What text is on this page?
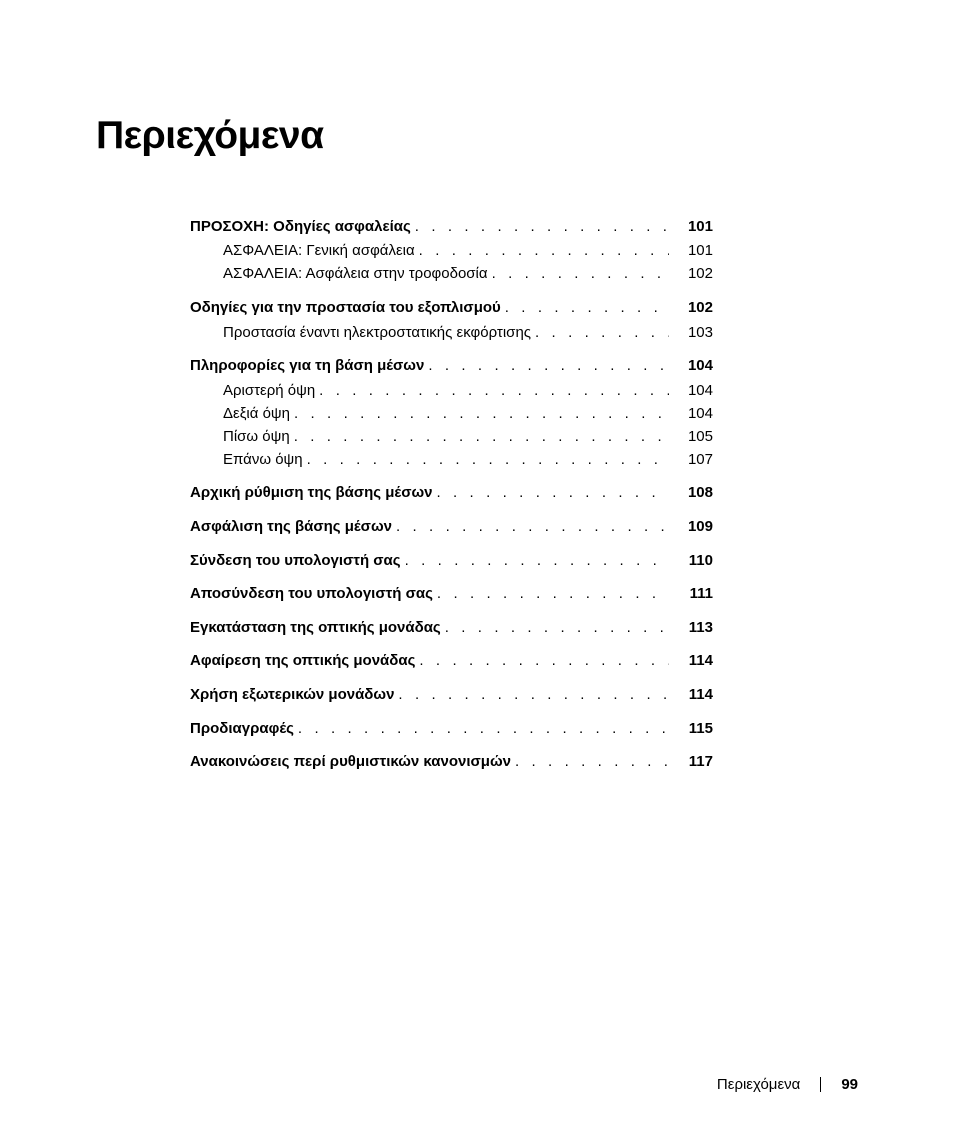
Περιεχόμενα
ΠΡΟΣΟΧΗ: Οδηγίες ασφαλείας . . .	101
ΑΣΦΑΛΕΙΑ: Γενική ασφάλεια . . .	101
ΑΣΦΑΛΕΙΑ: Ασφάλεια στην τροφοδοσία . . .	102
Οδηγίες για την προστασία του εξοπλισμού . . .	102
Προστασία έναντι ηλεκτροστατικής εκφόρτισης . . .	103
Πληροφορίες για τη βάση μέσων . . .	104
Αριστερή όψη . . .	104
Δεξιά όψη . . .	104
Πίσω όψη . . .	105
Επάνω όψη . . .	107
Αρχική ρύθμιση της βάσης μέσων . . .	108
Ασφάλιση της βάσης μέσων . . .	109
Σύνδεση του υπολογιστή σας . . .	110
Αποσύνδεση του υπολογιστή σας . . .	111
Εγκατάσταση της οπτικής μονάδας . . .	113
Αφαίρεση της οπτικής μονάδας . . .	114
Χρήση εξωτερικών μονάδων . . .	114
Προδιαγραφές . . .	115
Ανακοινώσεις περί ρυθμιστικών κανονισμών . . .	117
Περιεχόμενα	99
